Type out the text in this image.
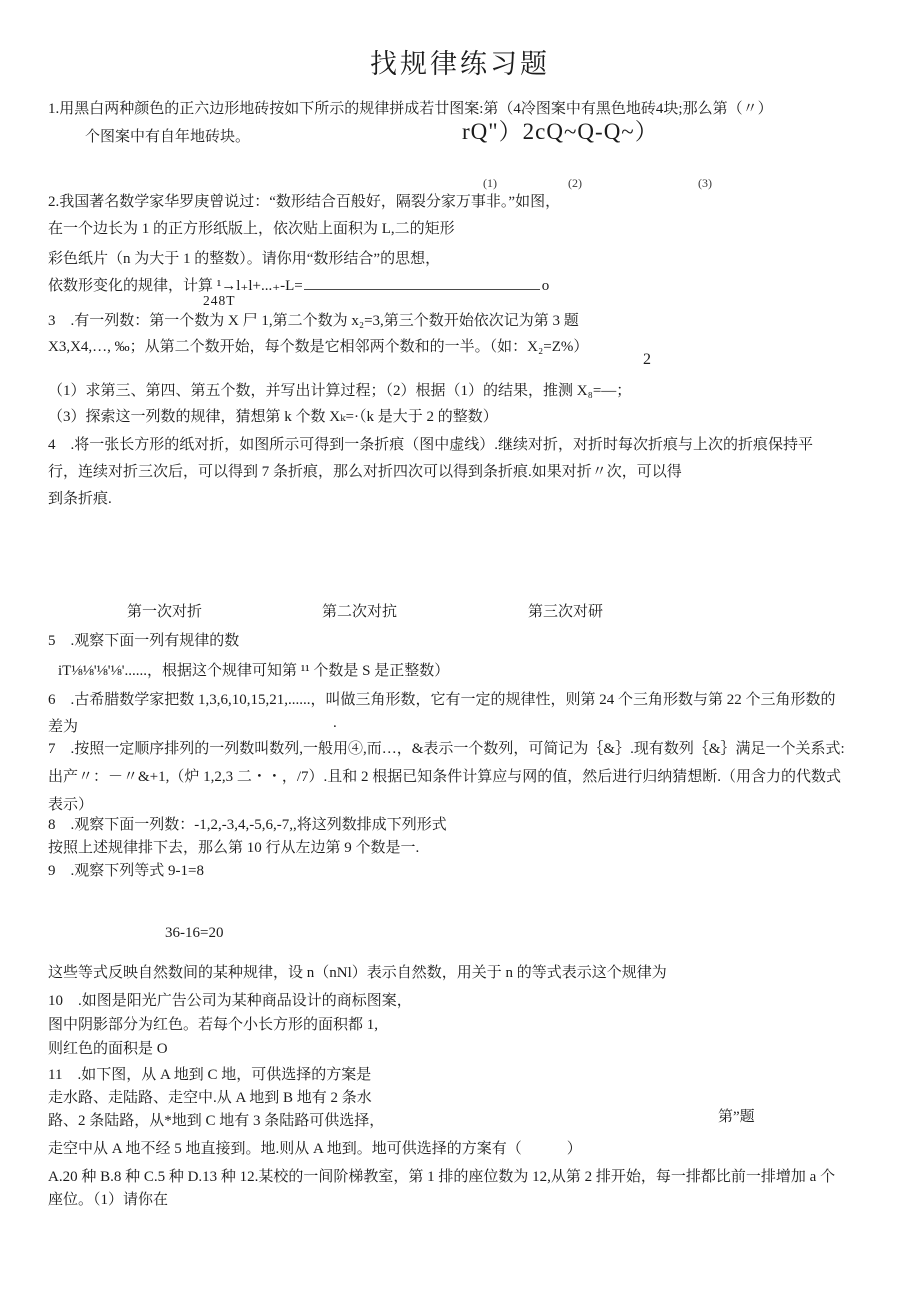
找规律练习题
1.用黑白两种颜色的正六边形地砖按如下所示的规律拼成若廿图案:第（4冷图案中有黑色地砖4块;那么第（〃）
个图案中有自年地砖块。	rQ"）2cQ~Q-Q~）
(1)	(2)	(3)
2.我国著名数学家华罗庚曾说过：“数形结合百般好，隔裂分家万事非。”如图，
在一个边长为 1 的正方形纸版上，依次贴上面积为 L,二的矩形
彩色纸片（n 为大于 1 的整数）。请你用“数形结合”的思想，
依数形变化的规律，计算 ¹→l₊l+...₊-L=	o
248T
3　.有一列数：第一个数为 X 尸 1,第二个数为 x₂=3,第三个数开始依次记为第 3 题
X3,X4,…, ‰；从第二个数开始，每个数是它相邻两个数和的一半。（如：X₂=Z%）
2
（1）求第三、第四、第五个数，并写出计算过程；（2）根据（1）的结果，推测 X₈=—；
（3）探索这一列数的规律，猜想第 k 个数 Xₖ=·（k 是大于 2 的整数）
4　.将一张长方形的纸对折，如图所示可得到一条折痕（图中虚线）.继续对折，对折时每次折痕与上次的折痕保持平
行，连续对折三次后，可以得到 7 条折痕，那么对折四次可以得到条折痕.如果对折〃次，可以得
到条折痕.
第一次对折	第二次对抗	第三次对研
5　.观察下面一列有规律的数
iT⅛⅛'⅛'⅛'......，根据这个规律可知第 ¹¹ 个数是 S 是正整数）
6　.古希腊数学家把数 1,3,6,10,15,21,......，叫做三角形数，它有一定的规律性，则第 24 个三角形数与第 22 个三角形数的
差为	.
7　.按照一定顺序排列的一列数叫数列,一般用④,而…，&表示一个数列，可简记为｛&｝.现有数列｛&｝满足一个关系式:
出产〃：－〃&+1,（炉 1,2,3 二・・，/7）.且和 2 根据已知条件计算应与网的值，然后进行归纳猜想断.（用含力的代数式
表示）
8　.观察下面一列数：-1,2,-3,4,-5,6,-7,,将这列数排成下列形式
按照上述规律排下去，那么第 10 行从左边第 9 个数是一.
9　.观察下列等式 9-1=8
36-16=20
这些等式反映自然数间的某种规律，设 n（nNl）表示自然数，用关于 n 的等式表示这个规律为
10　.如图是阳光广告公司为某种商品设计的商标图案，
图中阴影部分为红色。若每个小长方形的面积都 1,
则红色的面积是 O
11　.如下图，从 A 地到 C 地，可供选择的方案是
走水路、走陆路、走空中.从 A 地到 B 地有 2 条水
路、2 条陆路，从*地到 C 地有 3 条陆路可供选择，	第”题
走空中从 A 地不经 5 地直接到。地.则从 A 地到。地可供选择的方案有（　　　）
A.20 种 B.8 种 C.5 种 D.13 种 12.某校的一间阶梯教室，第 1 排的座位数为 12,从第 2 排开始，每一排都比前一排增加 a 个
座位。（1）请你在
